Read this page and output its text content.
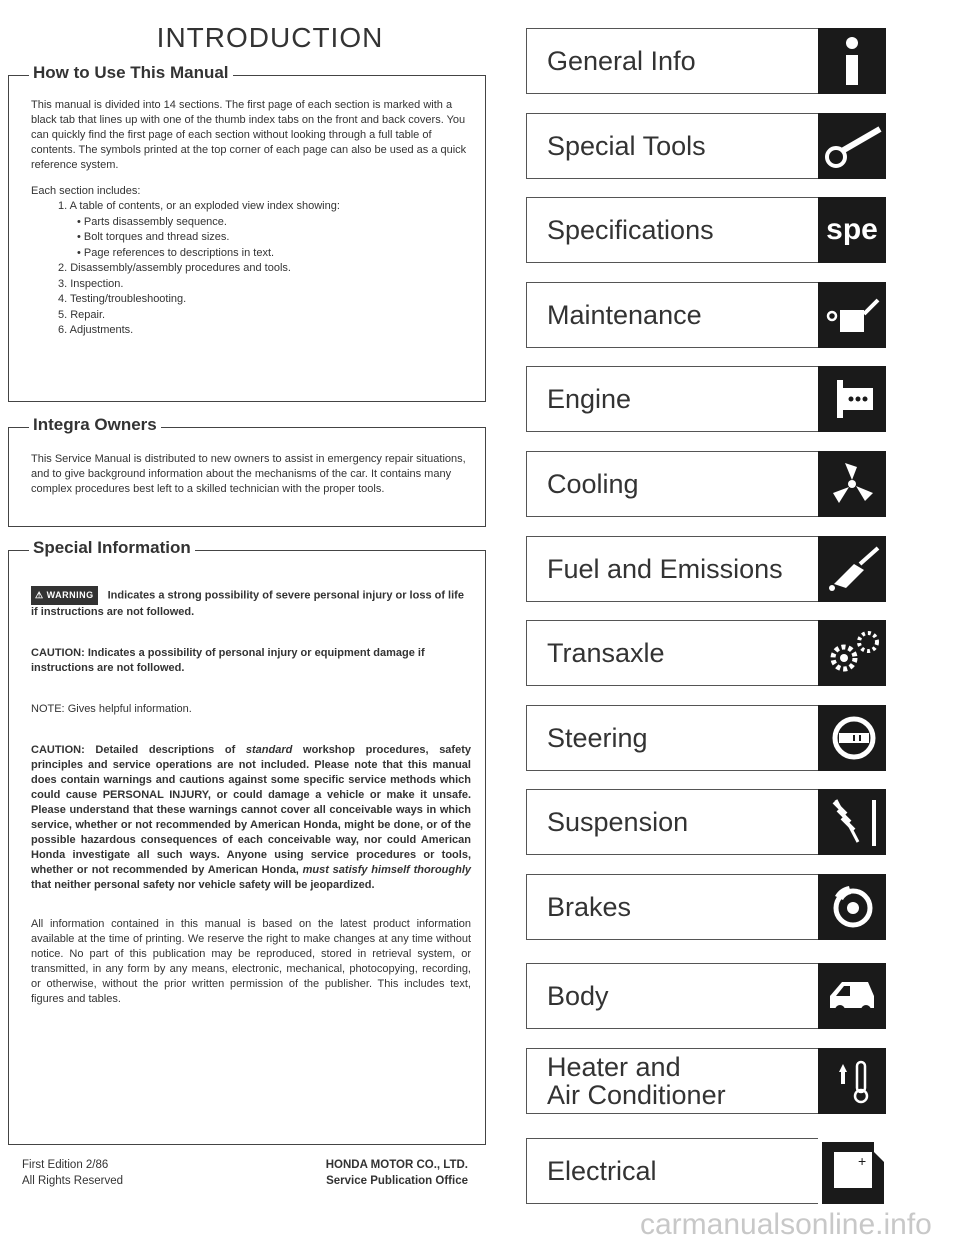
INTRODUCTION
How to Use This Manual

This manual is divided into 14 sections. The first page of each section is marked with a black tab that lines up with one of the thumb index tabs on the front and back covers. You can quickly find the first page of each section without looking through a full table of contents. The symbols printed at the top corner of each page can also be used as a quick reference system.

Each section includes:

1. A table of contents, or an exploded view index showing:
• Parts disassembly sequence.
• Bolt torques and thread sizes.
• Page references to descriptions in text.
2. Disassembly/assembly procedures and tools.
3. Inspection.
4. Testing/troubleshooting.
5. Repair.
6. Adjustments.
Integra Owners

This Service Manual is distributed to new owners to assist in emergency repair situations, and to give background information about the mechanisms of the car. It contains many complex procedures best left to a skilled technician with the proper tools.

Special Information

⚠ WARNING Indicates a strong possibility of severe personal injury or loss of life if instructions are not followed.

CAUTION: Indicates a possibility of personal injury or equipment damage if instructions are not followed.

NOTE: Gives helpful information.

CAUTION: Detailed descriptions of standard workshop procedures, safety principles and service operations are not included. Please note that this manual does contain warnings and cautions against some specific service methods which could cause PERSONAL INJURY, or could damage a vehicle or make it unsafe. Please understand that these warnings cannot cover all conceivable ways in which service, whether or not recommended by American Honda, might be done, or of the possible hazardous consequences of each conceivable way, nor could American Honda investigate all such ways. Anyone using service procedures or tools, whether or not recommended by American Honda, must satisfy himself thoroughly that neither personal safety nor vehicle safety will be jeopardized.

All information contained in this manual is based on the latest product information available at the time of printing. We reserve the right to make changes at any time without notice. No part of this publication may be reproduced, stored in retrieval system, or transmitted, in any form by any means, electronic, mechanical, photocopying, recording, or otherwise, without the prior written permission of the publisher. This includes text, figures and tables.

First Edition 2/86
All Rights Reserved
HONDA MOTOR CO., LTD.
Service Publication Office
General Info
Special Tools
Specifications	spe
Maintenance
Engine
Cooling
Fuel and Emissions
Transaxle
Steering
Suspension
Brakes
Body
Heater and
Air Conditioner
Electrical	+
carmanualsonline.info
